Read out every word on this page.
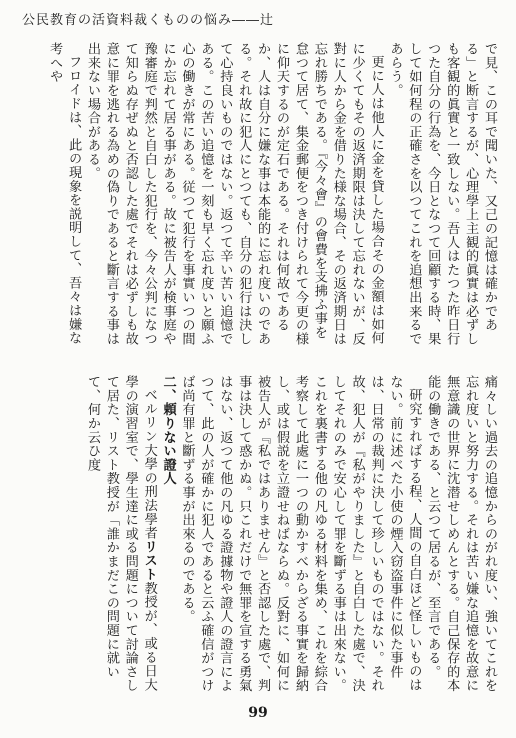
公民教育の活資料裁くものの悩み――辻

で見、この耳で聞いた、又己の記憶は確かである」と断言するが、心理學上主観的眞實は必ずしも客観的眞實と一致しない。吾人はたつた昨日行つた自分の行為を、今日となつて回顧する時、果して如何程の正確さを以つてこれを追想出来るであらう。

更に人は他人に金を貸した場合その金額は如何に少くてもその返済期限は決して忘れないが、反對に人から金を借りた様な場合、その返済期日は忘れ勝ちである。『今々會』の會費を支拂ふ事を怠つて居て、集金郵便をつき付けられて今更の様に仰天するのが定石である。それは何故であるか、人は自分に嫌な事は本能的に忘れ度いのである。それ故に犯人にとつても、自分の犯行は決して心持良いものではない。返つて辛い苦い追憶である。この苦い追憶を一刻も早く忘れ度いと願ふ心の働きが常にある。従つて犯行を事實いつの間にか忘れて居る事がある。故に被告人が検事庭や豫審庭で判然と自白した犯行を、今々公判になつて知らぬ存ぜぬと否認した處でそれは必ずしも故意に罪を逃れる為めの偽りであると斷言する事は出来ない場合がある。

フロイドは、此の現象を説明して、吾々は嫌な考へや

痛々しい過去の追憶からのがれ度い、強いてこれを忘れ度いと努力する。それは苦い嫌な追憶を故意に無意識の世界に沈潜せしめんとする。自己保存的本能の働きである、と云つて居るが、至言である。

研究すればする程、人間の自白ほど怪しいものはない。前に述べた小使の煙入窃盗事件に似た事件は、日常の裁判に決して珍しいものではない。それ故、犯人が『私がやりました』と自白した處で、決してそれのみで安心して罪を斷ずる事は出來ない。これを裏書する他の凡ゆる材料を集め、これを綜合考察して此處に一つの動かすべからざる事實を歸納し、或は假説を立證せねばならぬ。反對に、如何に被告人が『私ではありません』と否認した處で、判事は決して惑かぬ。只これだけで無罪を宣する勇氣はない、返つて他の凡ゆる證據物や證人の證言によつて、此の人が確かに犯人であると云ふ確信がつけば尚有罪と斷ずる事が出來るのである。

二、頼りない證人

ベルリン大學の刑法學者リスト教授が、或る日大學の演習室で、學生達に或る問題について討論さして居た、リスト教授が「誰かまだこの問題に就いて、何か云ひ度

99
